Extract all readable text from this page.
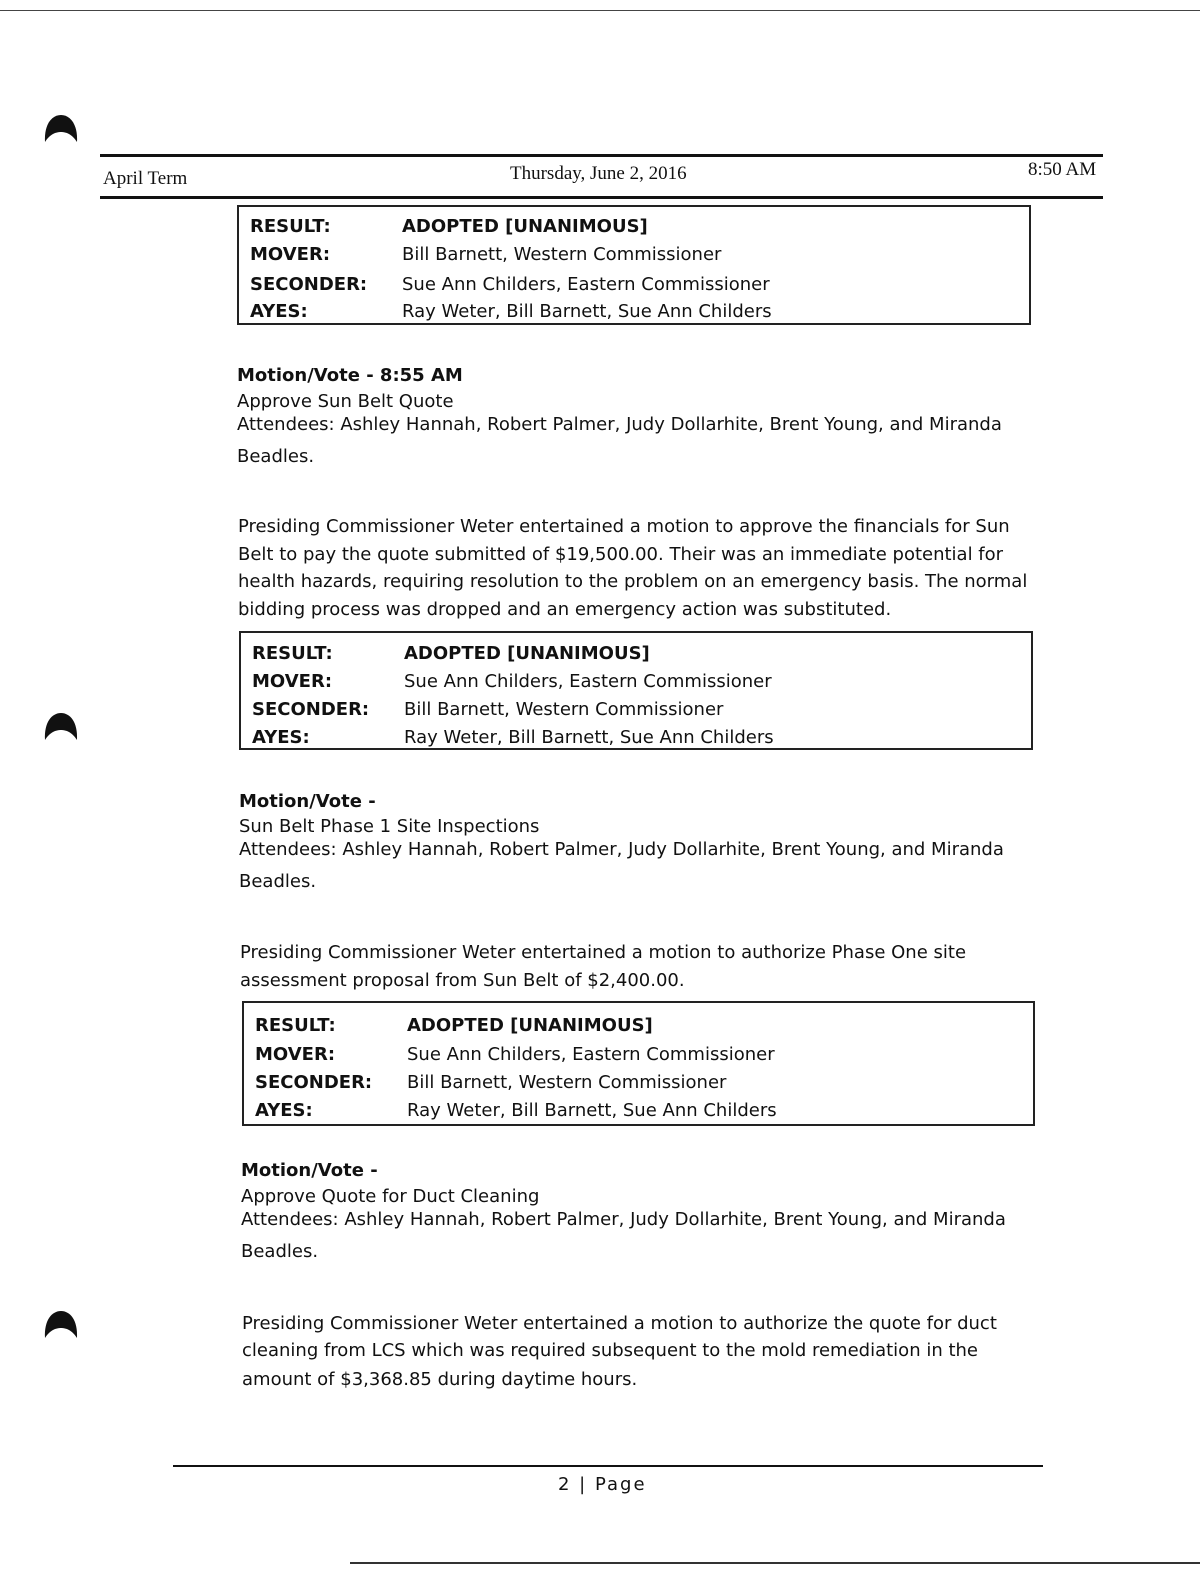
April Term	Thursday, June 2, 2016	8:50 AM
RESULT:	ADOPTED [UNANIMOUS]
MOVER:	Bill Barnett, Western Commissioner
SECONDER: Sue Ann Childers, Eastern Commissioner
AYES:	Ray Weter, Bill Barnett, Sue Ann Childers
Motion/Vote - 8:55 AM
Approve Sun Belt Quote
Attendees: Ashley Hannah, Robert Palmer, Judy Dollarhite, Brent Young, and Miranda
Beadles.
Presiding Commissioner Weter entertained a motion to approve the financials for Sun
Belt to pay the quote submitted of $19,500.00. Their was an immediate potential for
health hazards, requiring resolution to the problem on an emergency basis. The normal
bidding process was dropped and an emergency action was substituted.
RESULT:	ADOPTED [UNANIMOUS]
MOVER:	Sue Ann Childers, Eastern Commissioner
SECONDER: Bill Barnett, Western Commissioner
AYES:	Ray Weter, Bill Barnett, Sue Ann Childers
Motion/Vote -
Sun Belt Phase 1 Site Inspections
Attendees: Ashley Hannah, Robert Palmer, Judy Dollarhite, Brent Young, and Miranda
Beadles.
Presiding Commissioner Weter entertained a motion to authorize Phase One site
assessment proposal from Sun Belt of $2,400.00.
RESULT:	ADOPTED [UNANIMOUS]
MOVER:	Sue Ann Childers, Eastern Commissioner
SECONDER: Bill Barnett, Western Commissioner
AYES:	Ray Weter, Bill Barnett, Sue Ann Childers
Motion/Vote -
Approve Quote for Duct Cleaning
Attendees: Ashley Hannah, Robert Palmer, Judy Dollarhite, Brent Young, and Miranda
Beadles.
Presiding Commissioner Weter entertained a motion to authorize the quote for duct
cleaning from LCS which was required subsequent to the mold remediation in the
amount of $3,368.85 during daytime hours.
2 | Page
